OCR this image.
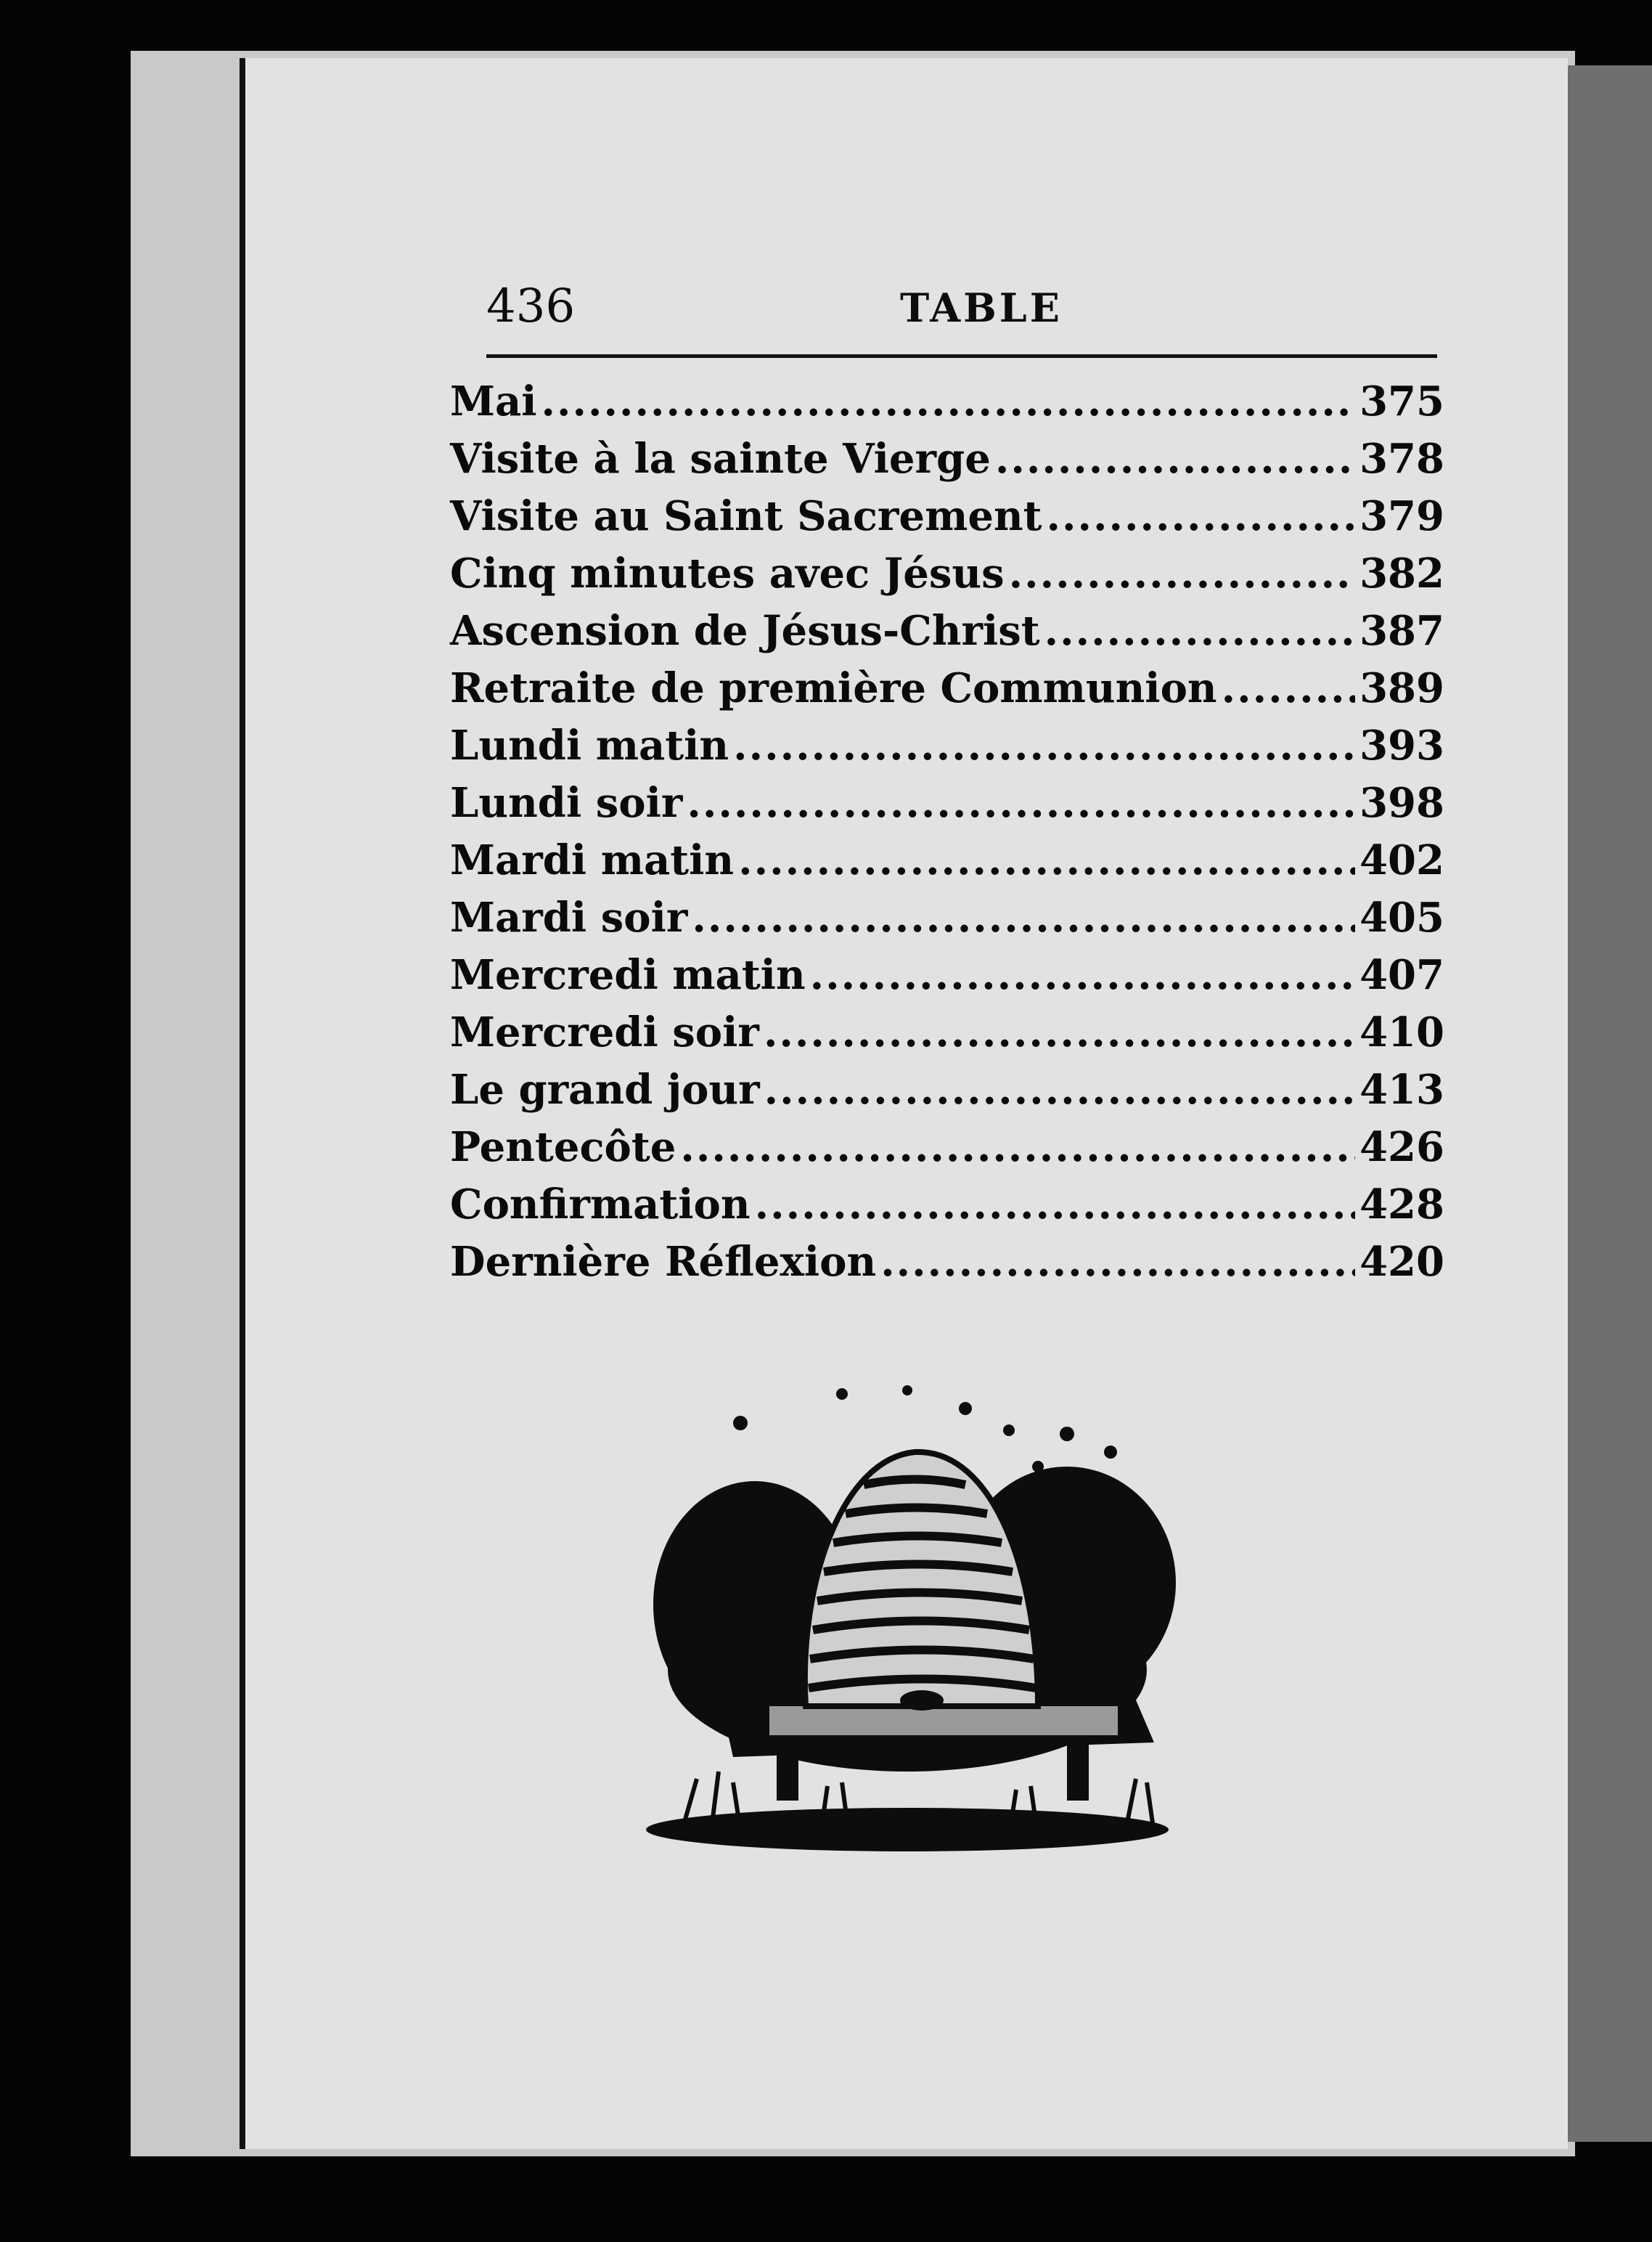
436	TABLE
Mai .....	375
Visite à la sainte Vierge .....	378
Visite au Saint Sacrement .....	379
Cinq minutes avec Jésus .....	382
Ascension de Jésus-Christ .....	387
Retraite de première Communion .....	389
Lundi matin .....	393
Lundi soir .....	398
Mardi matin .....	402
Mardi soir .....	405
Mercredi matin .....	407
Mercredi soir .....	410
Le grand jour .....	413
Pentecôte .....	426
Confirmation .....	428
Dernière Réflexion .....	420
